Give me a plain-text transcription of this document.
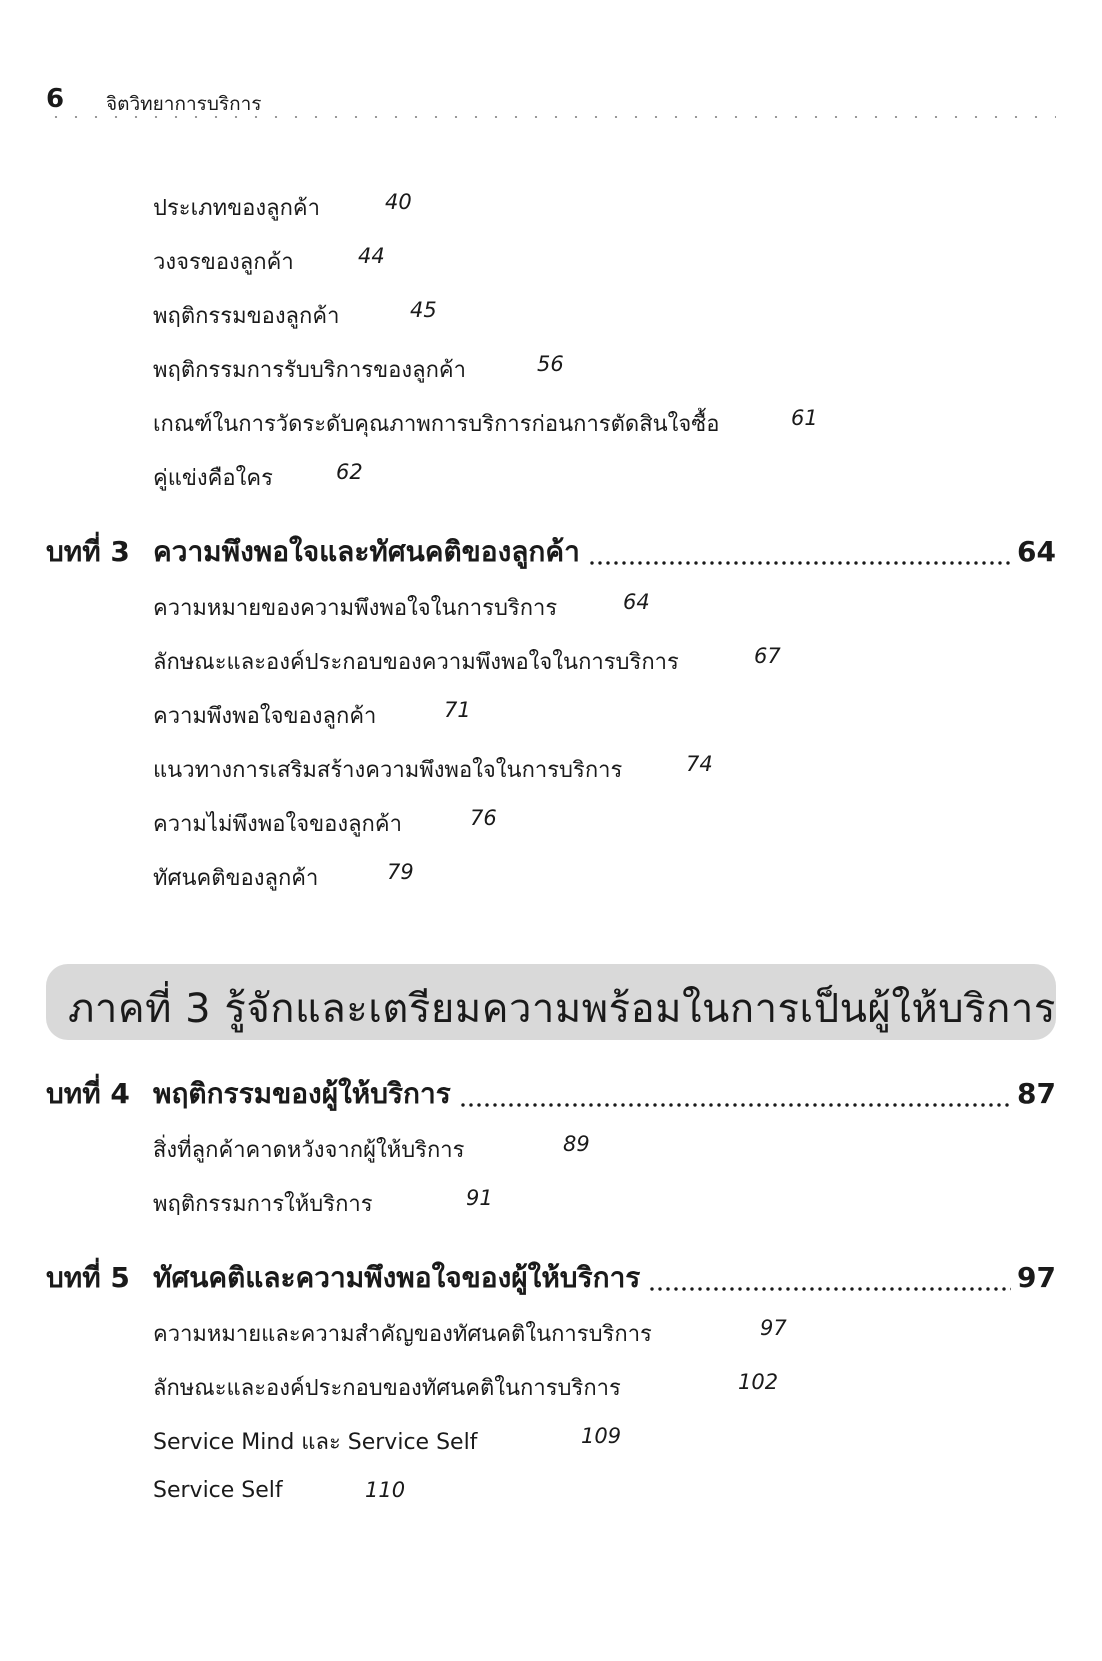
6 จิตวิทยาการบริการ
ประเภทของลูกค้า	40
วงจรของลูกค้า	44
พฤติกรรมของลูกค้า	45
พฤติกรรมการรับบริการของลูกค้า	56
เกณฑ์ในการวัดระดับคุณภาพการบริการก่อนการตัดสินใจซื้อ	61
คู่แข่งคือใคร	62
บทที่ 3 ความพึงพอใจและทัศนคติของลูกค้า	64
ความหมายของความพึงพอใจในการบริการ	64
ลักษณะและองค์ประกอบของความพึงพอใจในการบริการ	67
ความพึงพอใจของลูกค้า	71
แนวทางการเสริมสร้างความพึงพอใจในการบริการ	74
ความไม่พึงพอใจของลูกค้า	76
ทัศนคติของลูกค้า	79
ภาคที่ 3 รู้จักและเตรียมความพร้อมในการเป็นผู้ให้บริการ
บทที่ 4 พฤติกรรมของผู้ให้บริการ	87
สิ่งที่ลูกค้าคาดหวังจากผู้ให้บริการ	89
พฤติกรรมการให้บริการ	91
บทที่ 5 ทัศนคติและความพึงพอใจของผู้ให้บริการ	97
ความหมายและความสำคัญของทัศนคติในการบริการ	97
ลักษณะและองค์ประกอบของทัศนคติในการบริการ	102
Service Mind และ Service Self	109
Service Self	110
